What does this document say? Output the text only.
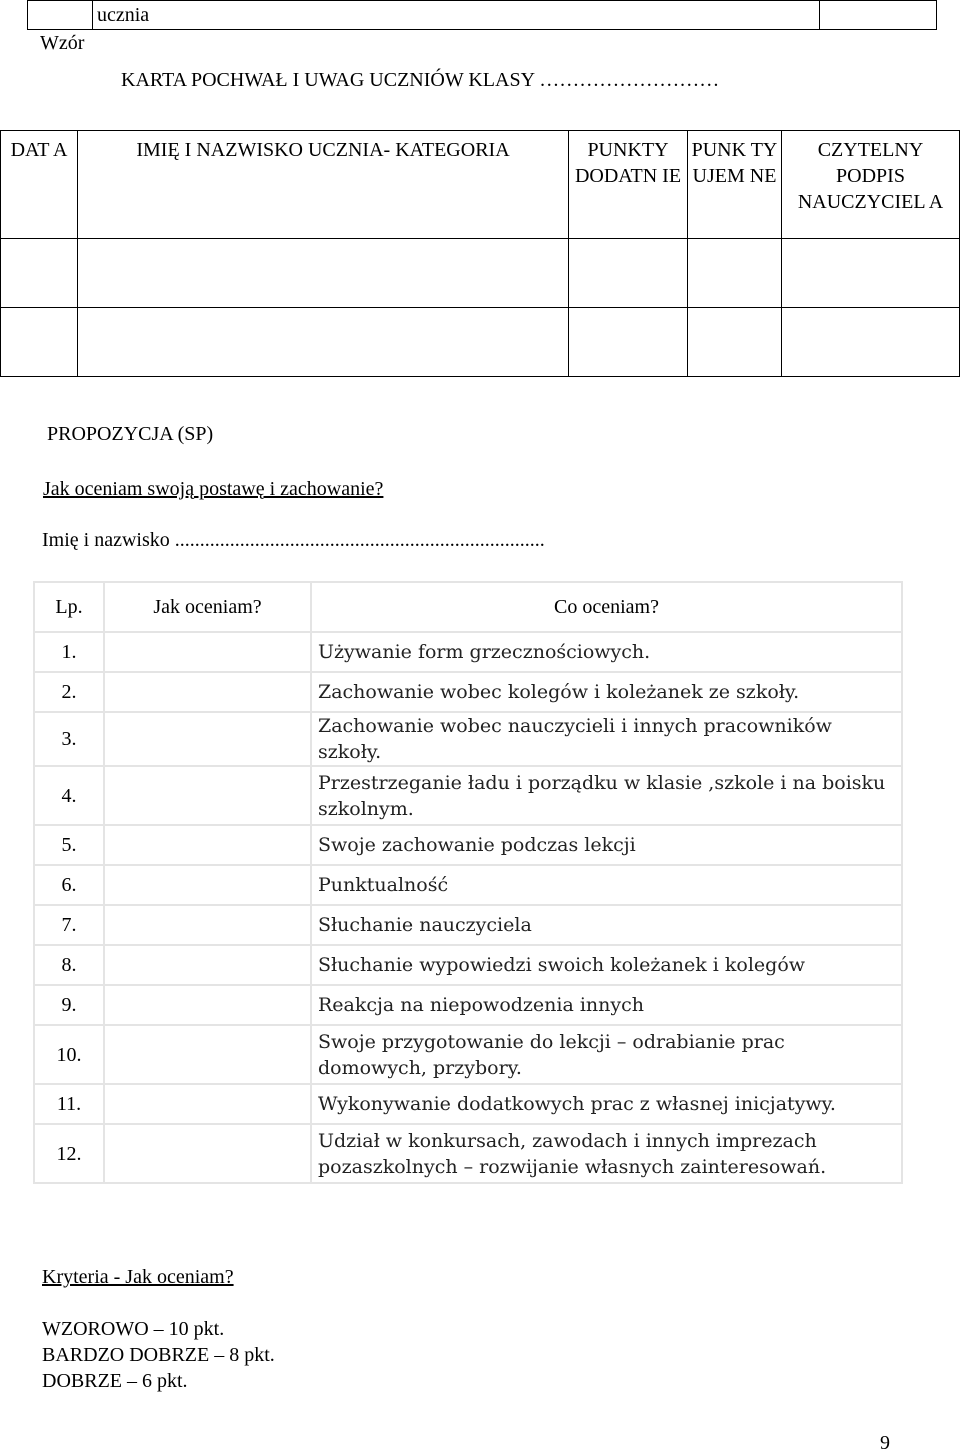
	ucznia	
Wzór
KARTA POCHWAŁ I UWAG UCZNIÓW KLASY ………………………
DAT A	IMIĘ I NAZWISKO UCZNIA- KATEGORIA	PUNKTY DODATN IE	PUNK TY UJEM NE	CZYTELNY PODPIS NAUCZYCIEL A

PROPOZYCJA (SP)
Jak oceniam swoją postawę i zachowanie?
Imię i nazwisko ..........................................................................
Lp.	Jak oceniam?	Co oceniam?
1.		Używanie form grzecznościowych.
2.		Zachowanie wobec kolegów i koleżanek ze szkoły.
3.		Zachowanie wobec nauczycieli i innych pracowników szkoły.
4.		Przestrzeganie ładu i porządku w klasie ,szkole i na boisku szkolnym.
5.		Swoje zachowanie podczas lekcji
6.		Punktualność
7.		Słuchanie nauczyciela
8.		Słuchanie wypowiedzi swoich koleżanek i kolegów
9.		Reakcja na niepowodzenia innych
10.		Swoje przygotowanie do lekcji – odrabianie prac domowych, przybory.
11.		Wykonywanie dodatkowych prac z własnej inicjatywy.
12.		Udział w konkursach, zawodach i innych imprezach pozaszkolnych – rozwijanie własnych zainteresowań.
Kryteria - Jak oceniam?
WZOROWO – 10 pkt.
BARDZO DOBRZE – 8 pkt.
DOBRZE – 6 pkt.
9
